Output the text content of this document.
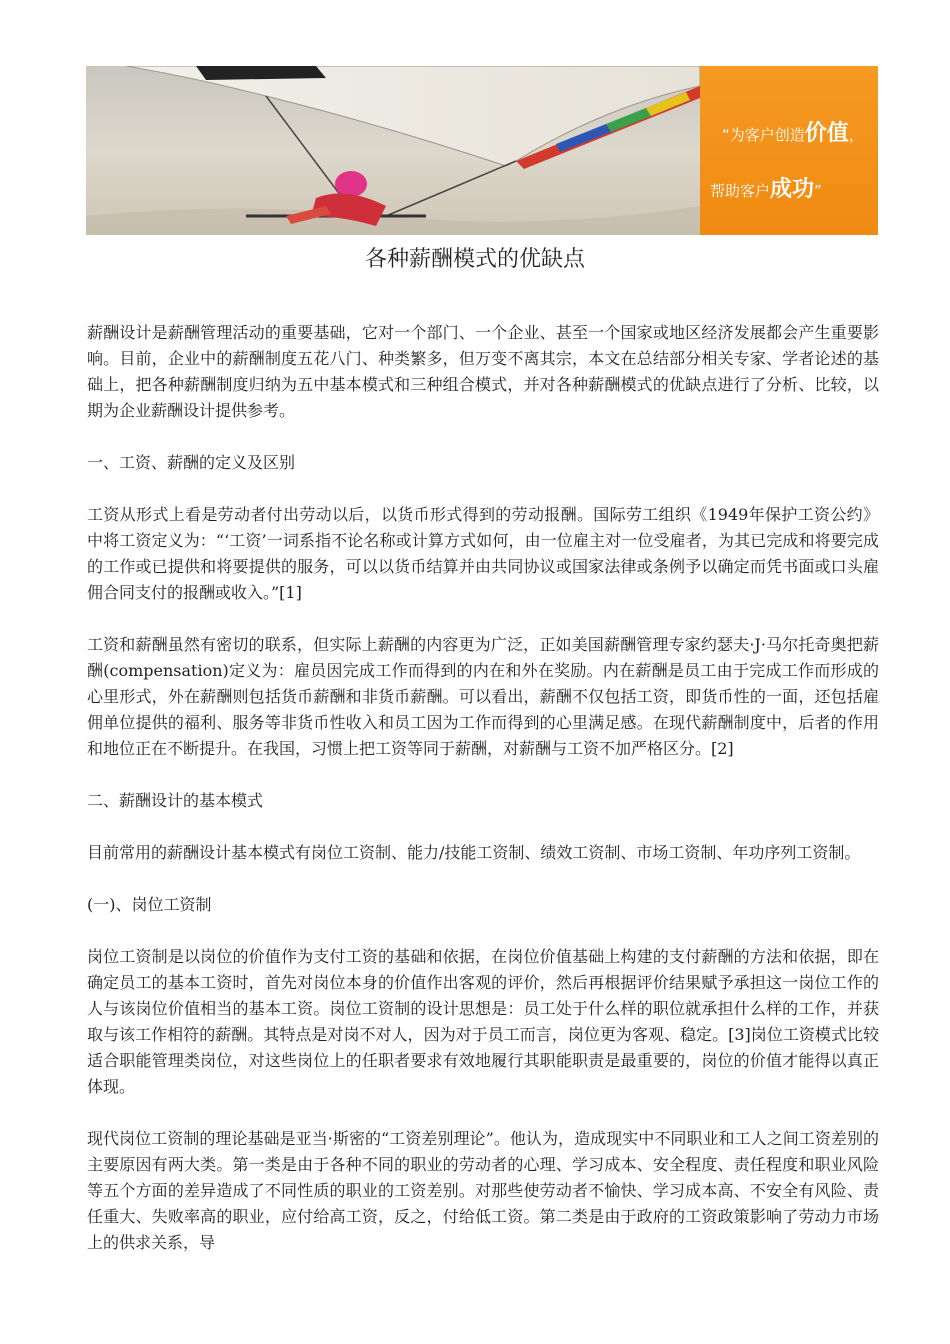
“为客户创造价值，
帮助客户成功”
各种薪酬模式的优缺点

薪酬设计是薪酬管理活动的重要基础，它对一个部门、一个企业、甚至一个国家或地区经济发展都会产生重要影响。目前，企业中的薪酬制度五花八门、种类繁多，但万变不离其宗，本文在总结部分相关专家、学者论述的基础上，把各种薪酬制度归纳为五中基本模式和三种组合模式，并对各种薪酬模式的优缺点进行了分析、比较，以期为企业薪酬设计提供参考。

一、工资、薪酬的定义及区别

工资从形式上看是劳动者付出劳动以后，以货币形式得到的劳动报酬。国际劳工组织《1949年保护工资公约》中将工资定义为：“‘工资’一词系指不论名称或计算方式如何，由一位雇主对一位受雇者，为其已完成和将要完成的工作或已提供和将要提供的服务，可以以货币结算并由共同协议或国家法律或条例予以确定而凭书面或口头雇佣合同支付的报酬或收入。”[1]

工资和薪酬虽然有密切的联系，但实际上薪酬的内容更为广泛，正如美国薪酬管理专家约瑟夫·J·马尔托奇奥把薪酬(compensation)定义为：雇员因完成工作而得到的内在和外在奖励。内在薪酬是员工由于完成工作而形成的心里形式，外在薪酬则包括货币薪酬和非货币薪酬。可以看出，薪酬不仅包括工资，即货币性的一面，还包括雇佣单位提供的福利、服务等非货币性收入和员工因为工作而得到的心里满足感。在现代薪酬制度中，后者的作用和地位正在不断提升。在我国，习惯上把工资等同于薪酬，对薪酬与工资不加严格区分。[2]

二、薪酬设计的基本模式

目前常用的薪酬设计基本模式有岗位工资制、能力/技能工资制、绩效工资制、市场工资制、年功序列工资制。

(一)、岗位工资制

岗位工资制是以岗位的价值作为支付工资的基础和依据，在岗位价值基础上构建的支付薪酬的方法和依据，即在确定员工的基本工资时，首先对岗位本身的价值作出客观的评价，然后再根据评价结果赋予承担这一岗位工作的人与该岗位价值相当的基本工资。岗位工资制的设计思想是：员工处于什么样的职位就承担什么样的工作，并获取与该工作相符的薪酬。其特点是对岗不对人，因为对于员工而言，岗位更为客观、稳定。[3]岗位工资模式比较适合职能管理类岗位，对这些岗位上的任职者要求有效地履行其职能职责是最重要的，岗位的价值才能得以真正体现。

现代岗位工资制的理论基础是亚当·斯密的“工资差别理论”。他认为，造成现实中不同职业和工人之间工资差别的主要原因有两大类。第一类是由于各种不同的职业的劳动者的心理、学习成本、安全程度、责任程度和职业风险等五个方面的差异造成了不同性质的职业的工资差别。对那些使劳动者不愉快、学习成本高、不安全有风险、责任重大、失败率高的职业，应付给高工资，反之，付给低工资。第二类是由于政府的工资政策影响了劳动力市场上的供求关系，导
